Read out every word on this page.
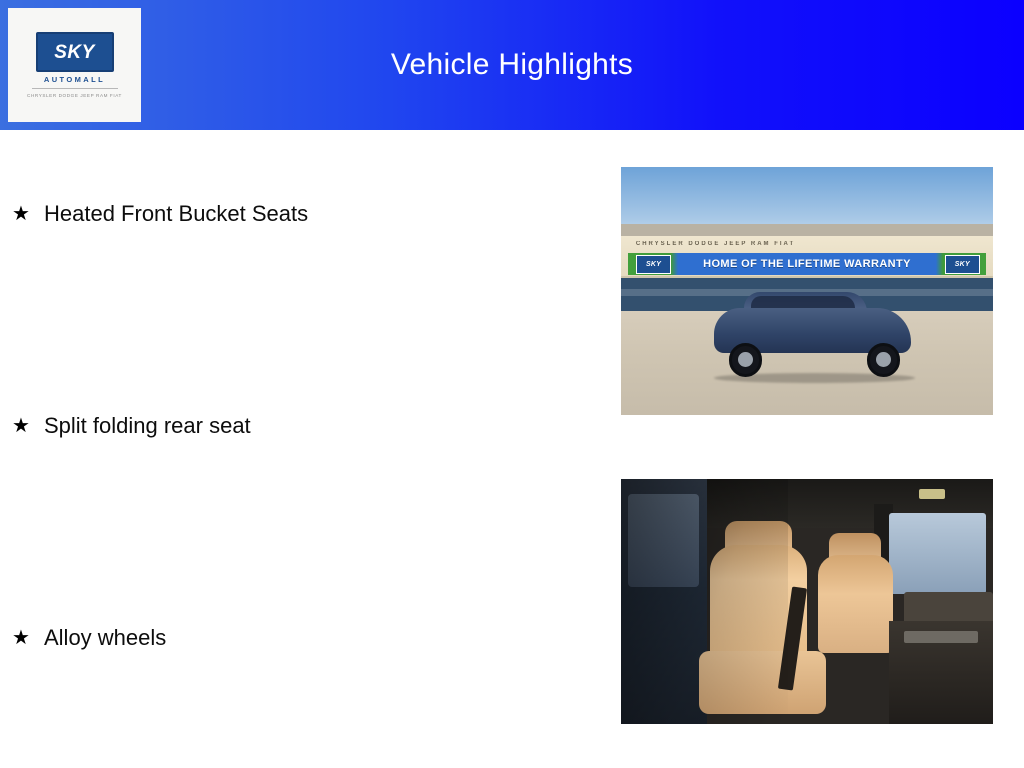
Vehicle Highlights
SKY
AUTOMALL
CHRYSLER DODGE JEEP RAM FIAT
★ Heated Front Bucket Seats
★ Split folding rear seat
★ Alloy wheels
CHRYSLER DODGE JEEP RAM FIAT
HOME OF THE LIFETIME WARRANTY
SKY	SKY
